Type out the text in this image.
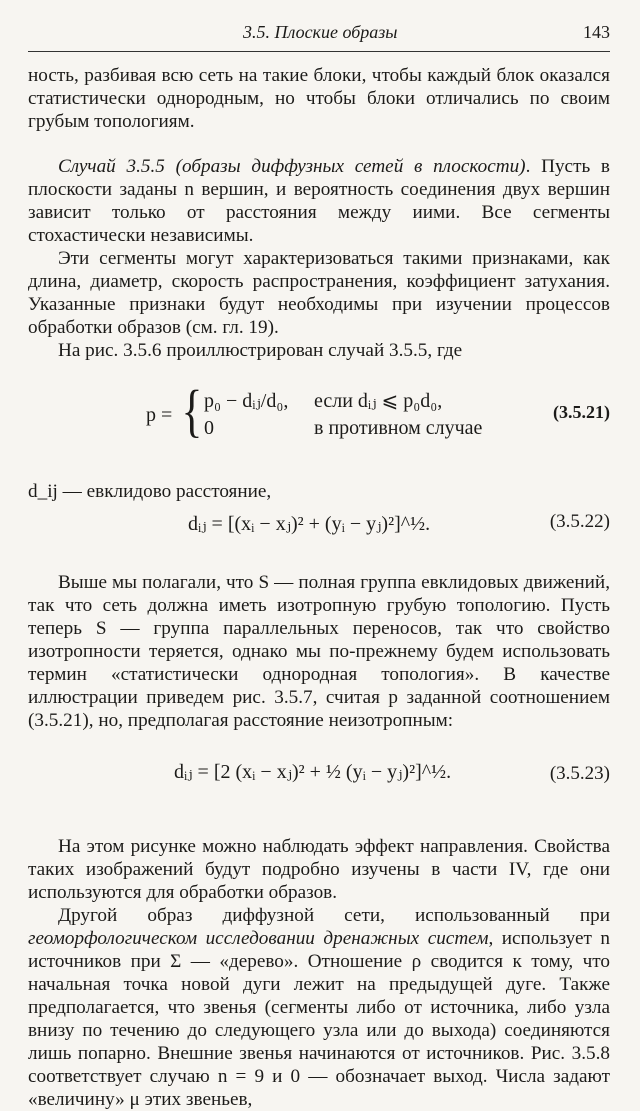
3.5. Плоские образы	143

ность, разбивая всю сеть на такие блоки, чтобы каждый блок оказался статистически однородным, но чтобы блоки отличались по своим грубым топологиям.

Случай 3.5.5 (образы диффузных сетей в плоскости). Пусть в плоскости заданы n вершин, и вероятность соединения двух вершин зависит только от расстояния между иими. Все сегменты стохастически независимы.

Эти сегменты могут характеризоваться такими признаками, как длина, диаметр, скорость распространения, коэффициент затухания. Указанные признаки будут необходимы при изучении процессов обработки образов (см. гл. 19).

На рис. 3.5.6 проиллюстрирован случай 3.5.5, где

p = { p₀ − dᵢⱼ/d₀, если dᵢⱼ ⩽ p₀d₀,
0	в противном случае
(3.5.21)

d_ij — евклидово расстояние,

dᵢⱼ = [(xᵢ − xⱼ)² + (yᵢ − yⱼ)²]^½.	(3.5.22)

Выше мы полагали, что S — полная группа евклидовых движений, так что сеть должна иметь изотропную грубую топологию. Пусть теперь S — группа параллельных переносов, так что свойство изотропности теряется, однако мы по-прежнему будем использовать термин «статистически однородная топология». В качестве иллюстрации приведем рис. 3.5.7, считая p заданной соотношением (3.5.21), но, предполагая расстояние неизотропным:

dᵢⱼ = [2 (xᵢ − xⱼ)² + ½ (yᵢ − yⱼ)²]^½.	(3.5.23)

На этом рисунке можно наблюдать эффект направления. Свойства таких изображений будут подробно изучены в части IV, где они используются для обработки образов.

Другой образ диффузной сети, использованный при геоморфологическом исследовании дренажных систем, использует n источников при Σ — «дерево». Отношение ρ сводится к тому, что начальная точка новой дуги лежит на предыдущей дуге. Также предполагается, что звенья (сегменты либо от источника, либо узла внизу по течению до следующего узла или до выхода) соединяются лишь попарно. Внешние звенья начинаются от источников. Рис. 3.5.8 соответствует случаю n = 9 и 0 — обозначает выход. Числа задают «величину» μ этих звеньев,
